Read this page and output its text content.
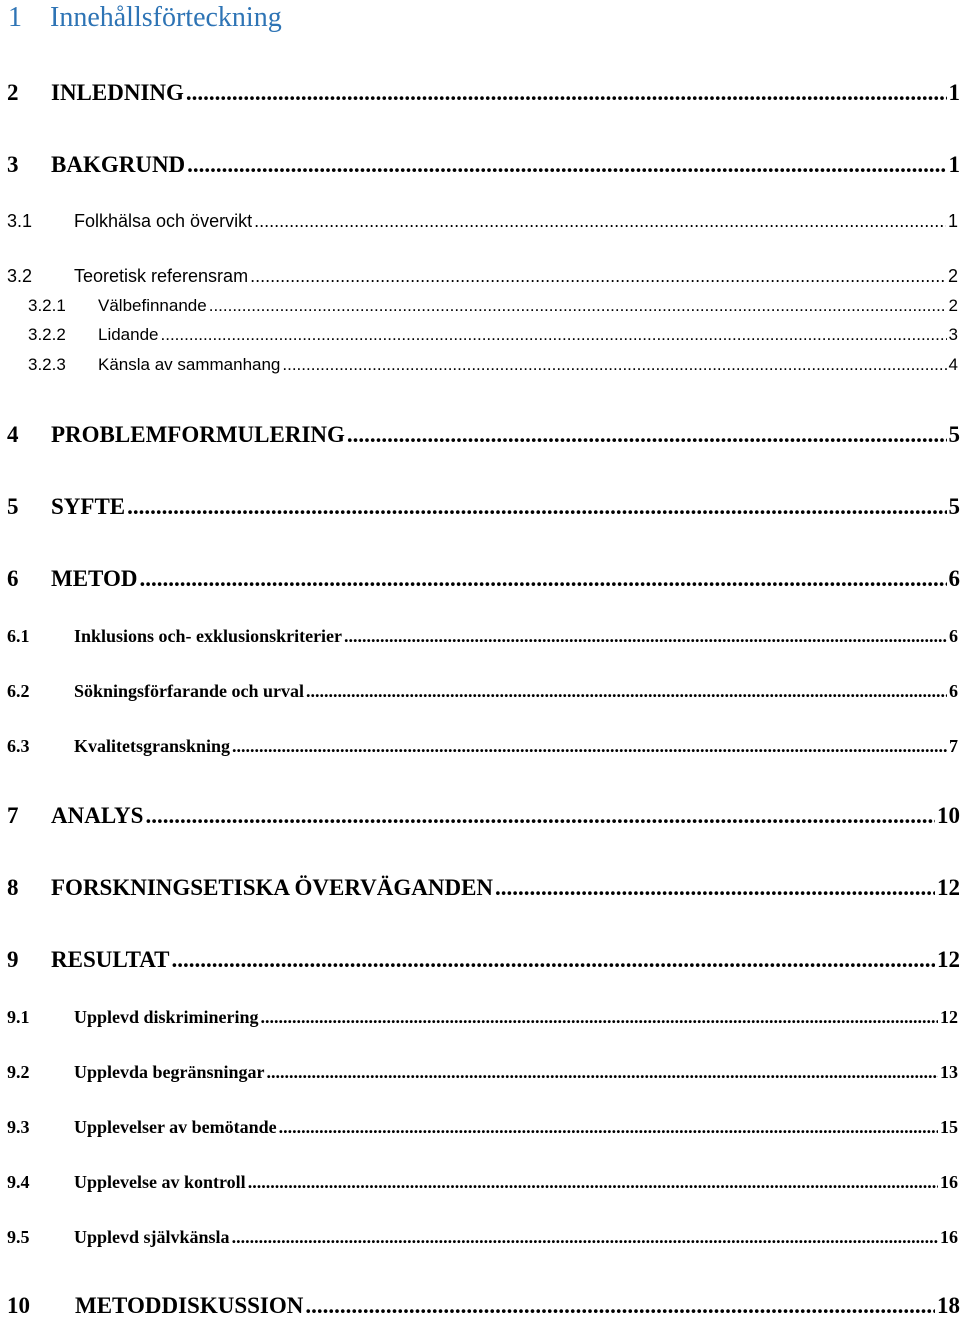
1 Innehållsförteckning
2	INLEDNING .....	1
3	BAKGRUND .....	1
3.1	Folkhälsa och övervikt .....	1
3.2	Teoretisk referensram .....	2
3.2.1	Välbefinnande .....	2
3.2.2	Lidande .....	3
3.2.3	Känsla av sammanhang .....	4
4	PROBLEMFORMULERING .....	5
5	SYFTE .....	5
6	METOD .....	6
6.1	Inklusions och- exklusionskriterier .....	6
6.2	Sökningsförfarande och urval .....	6
6.3	Kvalitetsgranskning .....	7
7	ANALYS .....	10
8	FORSKNINGSETISKA ÖVERVÄGANDEN .....	12
9	RESULTAT .....	12
9.1	Upplevd diskriminering .....	12
9.2	Upplevda begränsningar .....	13
9.3	Upplevelser av bemötande .....	15
9.4	Upplevelse av kontroll .....	16
9.5	Upplevd självkänsla .....	16
10	METODDISKUSSION .....	18
